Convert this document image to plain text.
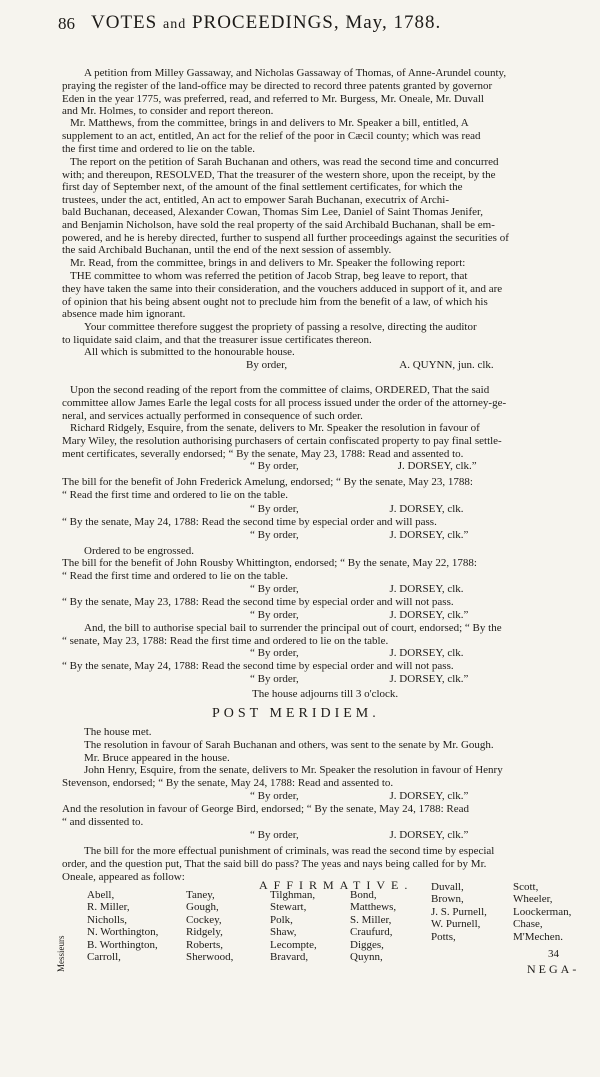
86 VOTES and PROCEEDINGS, May, 1788.
A petition from Milley Gassaway, and Nicholas Gassaway of Thomas, of Anne-Arundel county,
praying the register of the land-office may be directed to record three patents granted by governor
Eden in the year 1775, was preferred, read, and referred to Mr. Burgess, Mr. Oneale, Mr. Duvall
and Mr. Holmes, to consider and report thereon.
Mr. Matthews, from the committee, brings in and delivers to Mr. Speaker a bill, entitled, A
supplement to an act, entitled, An act for the relief of the poor in Cæcil county; which was read
the first time and ordered to lie on the table.
The report on the petition of Sarah Buchanan and others, was read the second time and concurred
with; and thereupon, RESOLVED, That the treasurer of the western shore, upon the receipt, by the
first day of September next, of the amount of the final settlement certificates, for which the
trustees, under the act, entitled, An act to empower Sarah Buchanan, executrix of Archi-
bald Buchanan, deceased, Alexander Cowan, Thomas Sim Lee, Daniel of Saint Thomas Jenifer,
and Benjamin Nicholson, have sold the real property of the said Archibald Buchanan, shall be em-
powered, and he is hereby directed, further to suspend all further proceedings against the securities of
the said Archibald Buchanan, until the end of the next session of assembly.
Mr. Read, from the committee, brings in and delivers to Mr. Speaker the following report:
THE committee to whom was referred the petition of Jacob Strap, beg leave to report, that
they have taken the same into their consideration, and the vouchers adduced in support of it, and are
of opinion that his being absent ought not to preclude him from the benefit of a law, of which his
absence made him ignorant.
Your committee therefore suggest the propriety of passing a resolve, directing the auditor
to liquidate said claim, and that the treasurer issue certificates thereon.
All which is submitted to the honourable house.
By order,                                         A. QUYNN, jun. clk.
Upon the second reading of the report from the committee of claims, ORDERED, That the said
committee allow James Earle the legal costs for all process issued under the order of the attorney-ge-
neral, and services actually performed in consequence of such order.
Richard Ridgely, Esquire, from the senate, delivers to Mr. Speaker the resolution in favour of
Mary Wiley, the resolution authorising purchasers of certain confiscated property to pay final settle-
ment certificates, severally endorsed; “ By the senate, May 23, 1788: Read and assented to.
“ By order,                                    J. DORSEY, clk.”
The bill for the benefit of John Frederick Amelung, endorsed; “ By the senate, May 23, 1788:
“ Read the first time and ordered to lie on the table.
“ By order,                                 J. DORSEY, clk.
“ By the senate, May 24, 1788: Read the second time by especial order and will pass.
“ By order,                                 J. DORSEY, clk.”
Ordered to be engrossed.
The bill for the benefit of John Rousby Whittington, endorsed; “ By the senate, May 22, 1788:
“ Read the first time and ordered to lie on the table.
“ By order,                                 J. DORSEY, clk.
“ By the senate, May 23, 1788: Read the second time by especial order and will not pass.
“ By order,                                 J. DORSEY, clk.”
And, the bill to authorise special bail to surrender the principal out of court, endorsed; “ By the
“ senate, May 23, 1788: Read the first time and ordered to lie on the table.
“ By order,                                 J. DORSEY, clk.
“ By the senate, May 24, 1788: Read the second time by especial order and will not pass.
“ By order,                                 J. DORSEY, clk.”
The house adjourns till 3 o'clock.
POST MERIDIEM.
The house met.
The resolution in favour of Sarah Buchanan and others, was sent to the senate by Mr. Gough.
Mr. Bruce appeared in the house.
John Henry, Esquire, from the senate, delivers to Mr. Speaker the resolution in favour of Henry
Stevenson, endorsed; “ By the senate, May 24, 1788: Read and assented to.
“ By order,                                 J. DORSEY, clk.”
And the resolution in favour of George Bird, endorsed; “ By the senate, May 24, 1788: Read
“ and dissented to.
“ By order,                                 J. DORSEY, clk.”
The bill for the more effectual punishment of criminals, was read the second time by especial
order, and the question put, That the said bill do pass? The yeas and nays being called for by Mr.
Oneale, appeared as follow:
AFFIRMATIVE.
Abell,
R. Miller,
Nicholls,
N. Worthington,
B. Worthington,
Carroll,
Taney,
Gough,
Cockey,
Ridgely,
Roberts,
Sherwood,
Tilghman,
Stewart,
Polk,
Shaw,
Lecompte,
Bravard,
Bond,
Matthews,
S. Miller,
Craufurd,
Digges,
Quynn,
Duvall,
Brown,
J. S. Purnell,
W. Purnell,
Potts,
Scott,
Wheeler,
Loockerman,
Chase,
M'Mechen.
Messieurs	34
NEGA-
